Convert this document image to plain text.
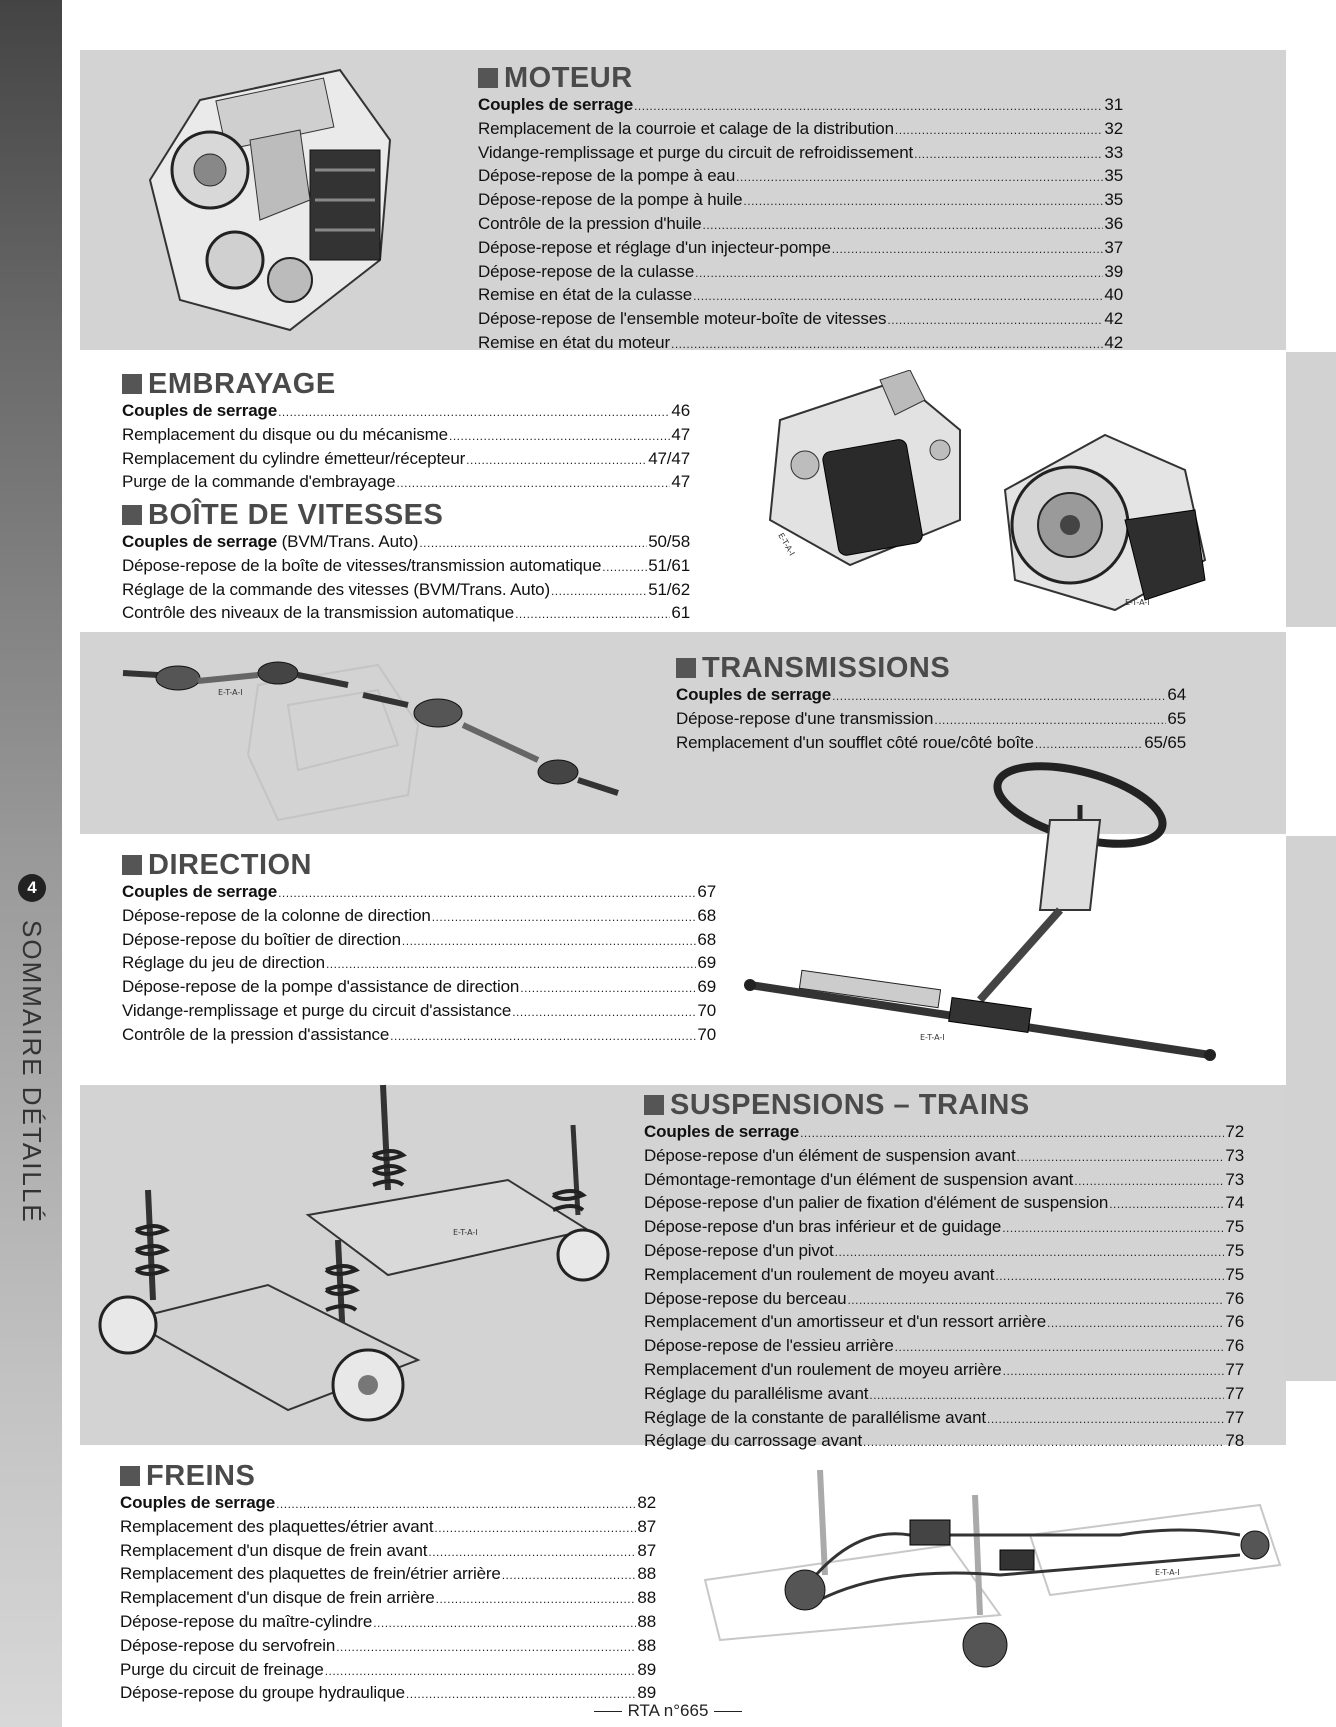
4
SOMMAIRE DÉTAILLÉ
MOTEUR
Couples de serrage .....	31
Remplacement de la courroie et calage de la distribution .....	32
Vidange-remplissage et purge du circuit de refroidissement .....	33
Dépose-repose de la pompe à eau .....	35
Dépose-repose de la pompe à huile .....	35
Contrôle de la pression d'huile .....	36
Dépose-repose et réglage d'un injecteur-pompe .....	37
Dépose-repose de la culasse .....	39
Remise en état de la culasse .....	40
Dépose-repose de l'ensemble moteur-boîte de vitesses .....	42
Remise en état du moteur .....	42
EMBRAYAGE
Couples de serrage .....	46
Remplacement du disque ou du mécanisme .....	47
Remplacement du cylindre émetteur/récepteur .....	47/47
Purge de la commande d'embrayage .....	47
BOÎTE DE VITESSES
Couples de serrage (BVM/Trans. Auto) .....	50/58
Dépose-repose de la boîte de vitesses/transmission automatique .....	51/61
Réglage de la commande des vitesses (BVM/Trans. Auto) .....	51/62
Contrôle des niveaux de la transmission automatique .....	61
TRANSMISSIONS
Couples de serrage .....	64
Dépose-repose d'une transmission .....	65
Remplacement d'un soufflet côté roue/côté boîte .....	65/65
DIRECTION
Couples de serrage .....	67
Dépose-repose de la colonne de direction .....	68
Dépose-repose du boîtier de direction .....	68
Réglage du jeu de direction .....	69
Dépose-repose de la pompe d'assistance de direction .....	69
Vidange-remplissage et purge du circuit d'assistance .....	70
Contrôle de la pression d'assistance .....	70
SUSPENSIONS – TRAINS
Couples de serrage .....	72
Dépose-repose d'un élément de suspension avant .....	73
Démontage-remontage d'un élément de suspension avant .....	73
Dépose-repose d'un palier de fixation d'élément de suspension .....	74
Dépose-repose d'un bras inférieur et de guidage .....	75
Dépose-repose d'un pivot .....	75
Remplacement d'un roulement de moyeu avant .....	75
Dépose-repose du berceau .....	76
Remplacement d'un amortisseur et d'un ressort arrière .....	76
Dépose-repose de l'essieu arrière .....	76
Remplacement d'un roulement de moyeu arrière .....	77
Réglage du parallélisme avant .....	77
Réglage de la constante de parallélisme avant .....	77
Réglage du carrossage avant .....	78
FREINS
Couples de serrage .....	82
Remplacement des plaquettes/étrier avant .....	87
Remplacement d'un disque de frein avant .....	87
Remplacement des plaquettes de frein/étrier arrière .....	88
Remplacement d'un disque de frein arrière .....	88
Dépose-repose du maître-cylindre .....	88
Dépose-repose du servofrein .....	88
Purge du circuit de freinage .....	89
Dépose-repose du groupe hydraulique .....	89
E-T-A-I
E-T-A-I
E-T-A-I
E-T-A-I
E-T-A-I
E-T-A-I
RTA n°665
